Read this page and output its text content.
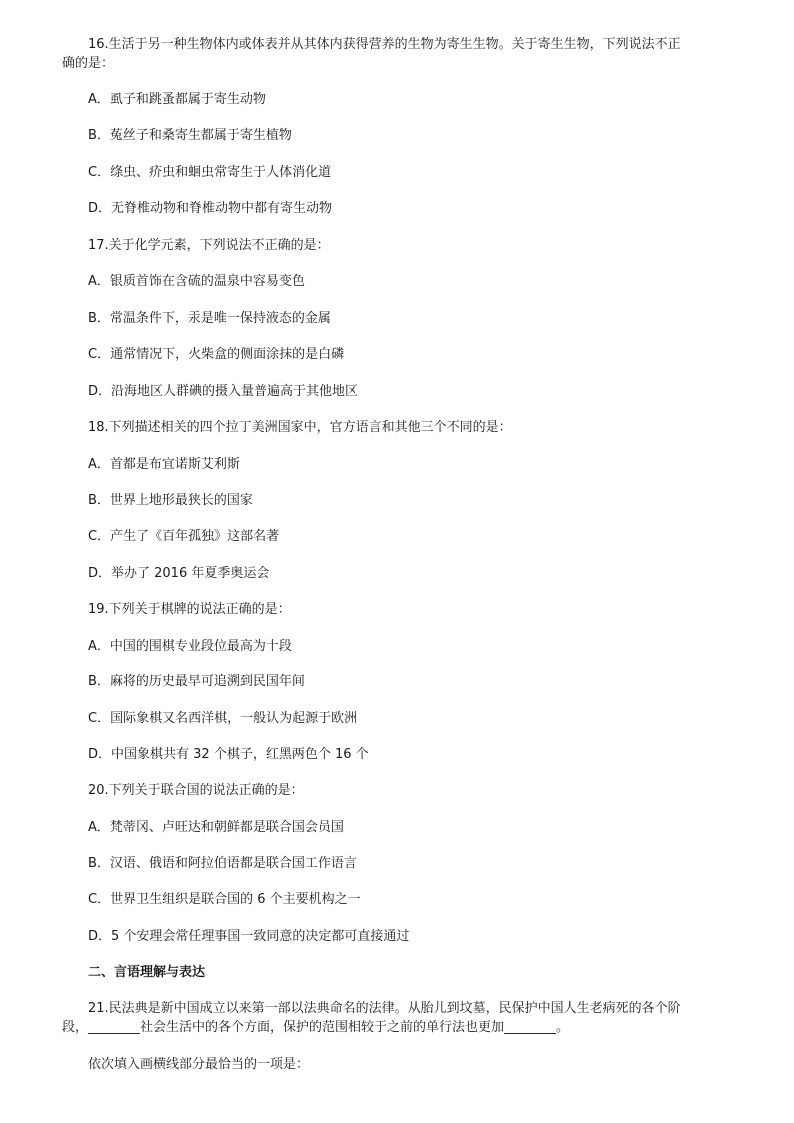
16.生活于另一种生物体内或体表并从其体内获得营养的生物为寄生生物。关于寄生生物，下列说法不正
确的是：
A．虱子和跳蚤都属于寄生动物
B．菟丝子和桑寄生都属于寄生植物
C．绦虫、疥虫和蛔虫常寄生于人体消化道
D．无脊椎动物和脊椎动物中都有寄生动物
17.关于化学元素，下列说法不正确的是：
A．银质首饰在含硫的温泉中容易变色
B．常温条件下，汞是唯一保持液态的金属
C．通常情况下，火柴盒的侧面涂抹的是白磷
D．沿海地区人群碘的摄入量普遍高于其他地区
18.下列描述相关的四个拉丁美洲国家中，官方语言和其他三个不同的是：
A．首都是布宜诺斯艾利斯
B．世界上地形最狭长的国家
C．产生了《百年孤独》这部名著
D．举办了 2016 年夏季奥运会
19.下列关于棋牌的说法正确的是：
A．中国的围棋专业段位最高为十段
B．麻将的历史最早可追溯到民国年间
C．国际象棋又名西洋棋，一般认为起源于欧洲
D．中国象棋共有 32 个棋子，红黑两色个 16 个
20.下列关于联合国的说法正确的是：
A．梵蒂冈、卢旺达和朝鲜都是联合国会员国
B．汉语、俄语和阿拉伯语都是联合国工作语言
C．世界卫生组织是联合国的 6 个主要机构之一
D．5 个安理会常任理事国一致同意的决定都可直接通过
二、言语理解与表达
21.民法典是新中国成立以来第一部以法典命名的法律。从胎儿到坟墓，民保护中国人生老病死的各个阶
段，________社会生活中的各个方面，保护的范围相较于之前的单行法也更加________。
依次填入画横线部分最恰当的一项是：
